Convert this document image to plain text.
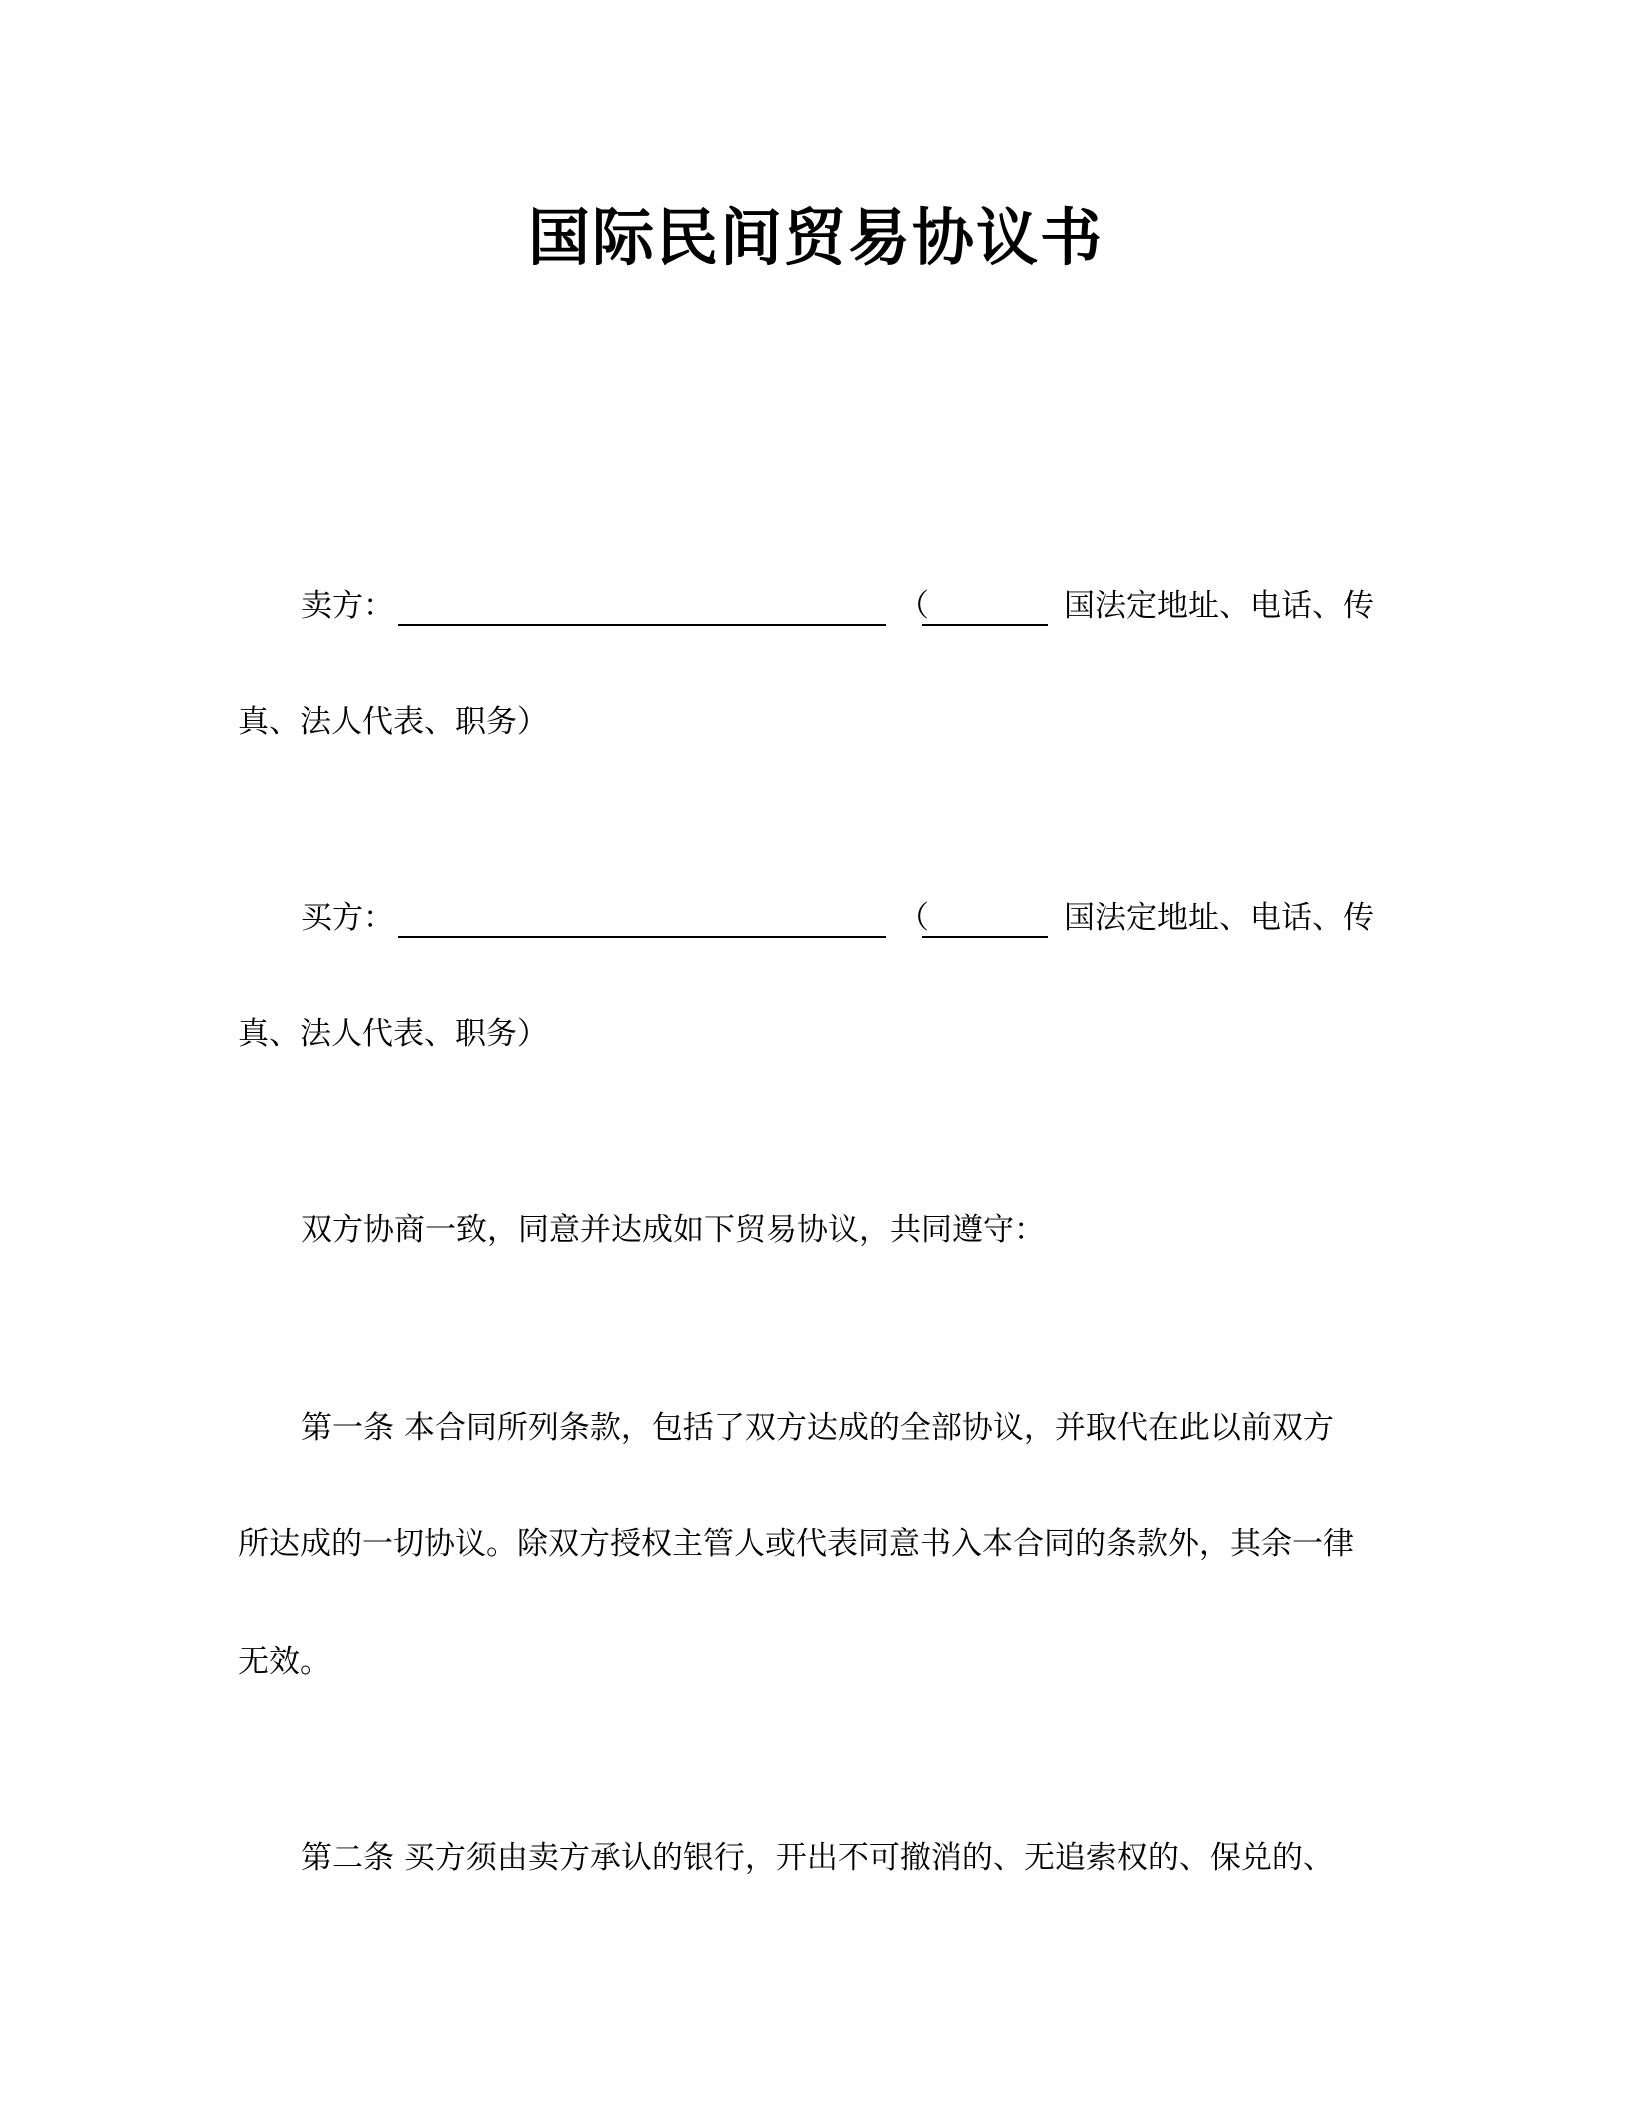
国际民间贸易协议书
卖方：	（	国法定地址、电话、传
真、法人代表、职务）
买方：	（	国法定地址、电话、传
真、法人代表、职务）
双方协商一致，同意并达成如下贸易协议，共同遵守：
第一条 本合同所列条款，包括了双方达成的全部协议，并取代在此以前双方
所达成的一切协议。除双方授权主管人或代表同意书入本合同的条款外，其余一律
无效。
第二条 买方须由卖方承认的银行，开出不可撤消的、无追索权的、保兑的、
